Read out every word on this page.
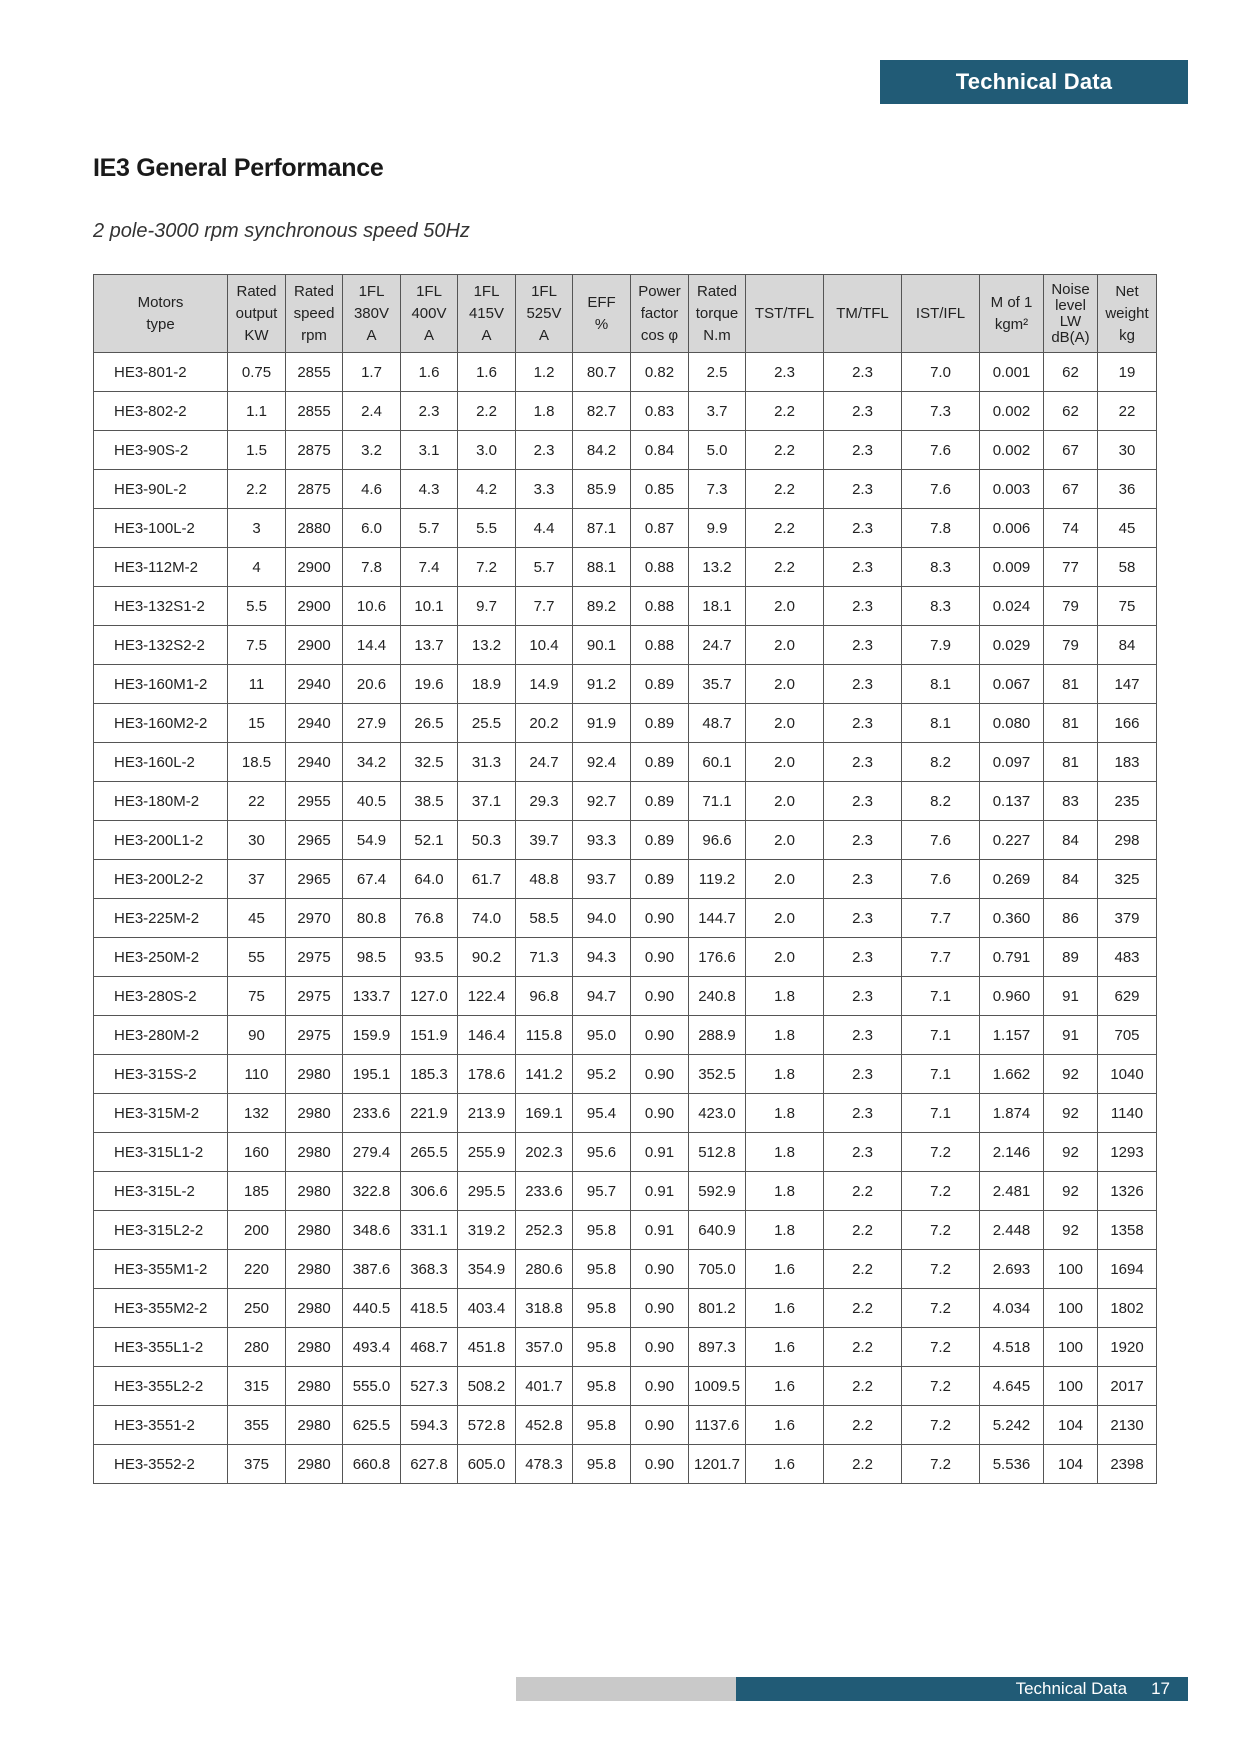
Technical Data
IE3 General Performance

2 pole-3000 rpm synchronous speed 50Hz

Motors
type	Rated
output
KW	Rated
speed
rpm	1FL
380V
A	1FL
400V
A	1FL
415V
A	1FL
525V
A	EFF
%	Power
factor
cos φ	Rated
torque
N.m	TST/TFL	TM/TFL	IST/IFL	M of 1
kgm²	Noise
level
LW
dB(A)	Net
weight
kg

HE3-801-2	0.75	2855	1.7	1.6	1.6	1.2	80.7	0.82	2.5	2.3	2.3	7.0	0.001	62	19
HE3-802-2	1.1	2855	2.4	2.3	2.2	1.8	82.7	0.83	3.7	2.2	2.3	7.3	0.002	62	22
HE3-90S-2	1.5	2875	3.2	3.1	3.0	2.3	84.2	0.84	5.0	2.2	2.3	7.6	0.002	67	30
HE3-90L-2	2.2	2875	4.6	4.3	4.2	3.3	85.9	0.85	7.3	2.2	2.3	7.6	0.003	67	36
HE3-100L-2	3	2880	6.0	5.7	5.5	4.4	87.1	0.87	9.9	2.2	2.3	7.8	0.006	74	45
HE3-112M-2	4	2900	7.8	7.4	7.2	5.7	88.1	0.88	13.2	2.2	2.3	8.3	0.009	77	58
HE3-132S1-2	5.5	2900	10.6	10.1	9.7	7.7	89.2	0.88	18.1	2.0	2.3	8.3	0.024	79	75
HE3-132S2-2	7.5	2900	14.4	13.7	13.2	10.4	90.1	0.88	24.7	2.0	2.3	7.9	0.029	79	84
HE3-160M1-2	11	2940	20.6	19.6	18.9	14.9	91.2	0.89	35.7	2.0	2.3	8.1	0.067	81	147
HE3-160M2-2	15	2940	27.9	26.5	25.5	20.2	91.9	0.89	48.7	2.0	2.3	8.1	0.080	81	166
HE3-160L-2	18.5	2940	34.2	32.5	31.3	24.7	92.4	0.89	60.1	2.0	2.3	8.2	0.097	81	183
HE3-180M-2	22	2955	40.5	38.5	37.1	29.3	92.7	0.89	71.1	2.0	2.3	8.2	0.137	83	235
HE3-200L1-2	30	2965	54.9	52.1	50.3	39.7	93.3	0.89	96.6	2.0	2.3	7.6	0.227	84	298
HE3-200L2-2	37	2965	67.4	64.0	61.7	48.8	93.7	0.89	119.2	2.0	2.3	7.6	0.269	84	325
HE3-225M-2	45	2970	80.8	76.8	74.0	58.5	94.0	0.90	144.7	2.0	2.3	7.7	0.360	86	379
HE3-250M-2	55	2975	98.5	93.5	90.2	71.3	94.3	0.90	176.6	2.0	2.3	7.7	0.791	89	483
HE3-280S-2	75	2975	133.7	127.0	122.4	96.8	94.7	0.90	240.8	1.8	2.3	7.1	0.960	91	629
HE3-280M-2	90	2975	159.9	151.9	146.4	115.8	95.0	0.90	288.9	1.8	2.3	7.1	1.157	91	705
HE3-315S-2	110	2980	195.1	185.3	178.6	141.2	95.2	0.90	352.5	1.8	2.3	7.1	1.662	92	1040
HE3-315M-2	132	2980	233.6	221.9	213.9	169.1	95.4	0.90	423.0	1.8	2.3	7.1	1.874	92	1140
HE3-315L1-2	160	2980	279.4	265.5	255.9	202.3	95.6	0.91	512.8	1.8	2.3	7.2	2.146	92	1293
HE3-315L-2	185	2980	322.8	306.6	295.5	233.6	95.7	0.91	592.9	1.8	2.2	7.2	2.481	92	1326
HE3-315L2-2	200	2980	348.6	331.1	319.2	252.3	95.8	0.91	640.9	1.8	2.2	7.2	2.448	92	1358
HE3-355M1-2	220	2980	387.6	368.3	354.9	280.6	95.8	0.90	705.0	1.6	2.2	7.2	2.693	100	1694
HE3-355M2-2	250	2980	440.5	418.5	403.4	318.8	95.8	0.90	801.2	1.6	2.2	7.2	4.034	100	1802
HE3-355L1-2	280	2980	493.4	468.7	451.8	357.0	95.8	0.90	897.3	1.6	2.2	7.2	4.518	100	1920
HE3-355L2-2	315	2980	555.0	527.3	508.2	401.7	95.8	0.90	1009.5	1.6	2.2	7.2	4.645	100	2017
HE3-3551-2	355	2980	625.5	594.3	572.8	452.8	95.8	0.90	1137.6	1.6	2.2	7.2	5.242	104	2130
HE3-3552-2	375	2980	660.8	627.8	605.0	478.3	95.8	0.90	1201.7	1.6	2.2	7.2	5.536	104	2398
Technical Data 17
